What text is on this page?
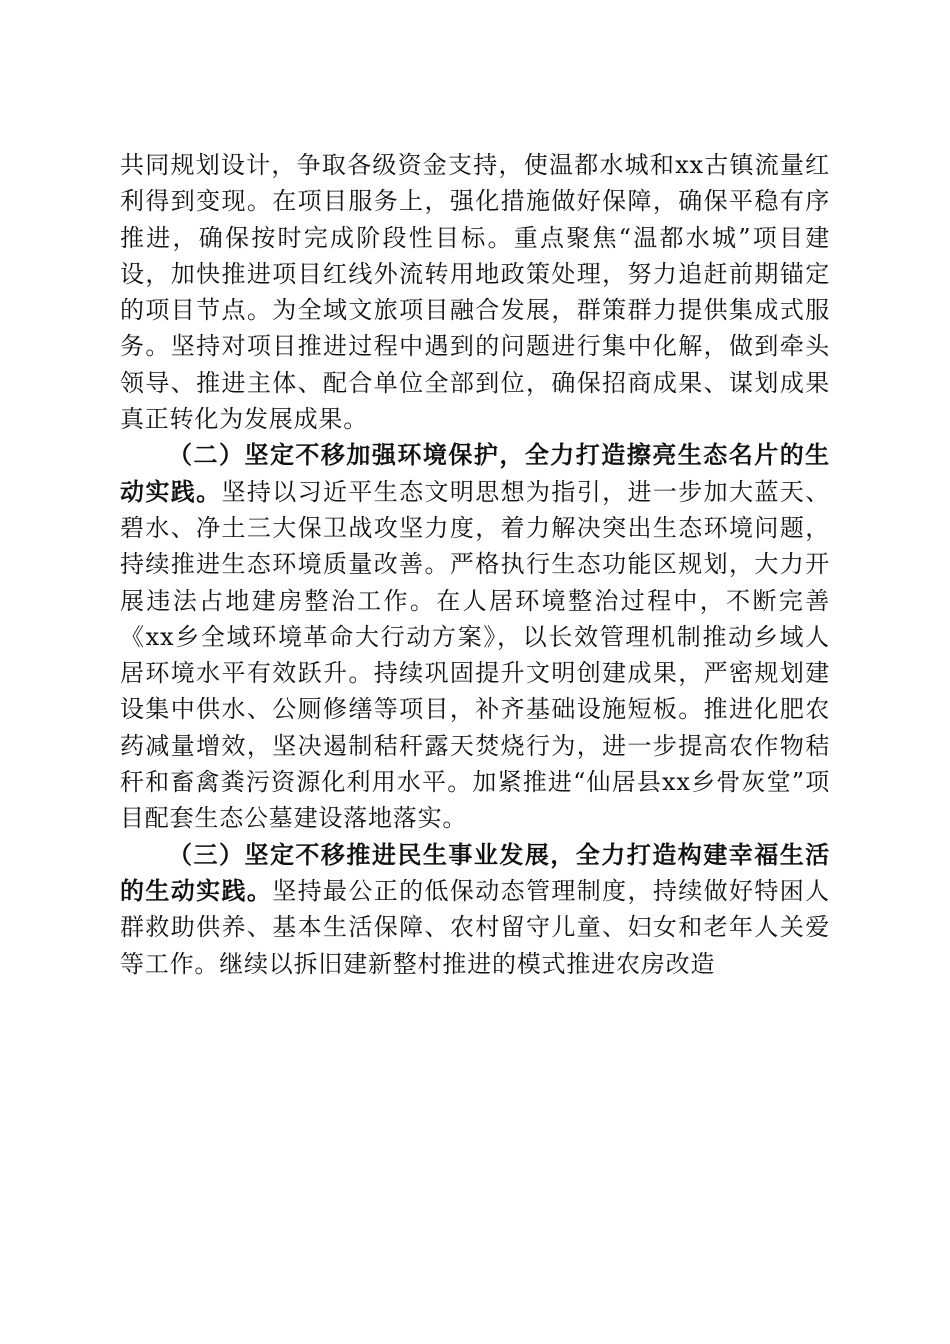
共同规划设计，争取各级资金支持，使温都水城和xx古镇流量红利得到变现。在项目服务上，强化措施做好保障，确保平稳有序推进，确保按时完成阶段性目标。重点聚焦“温都水城”项目建设，加快推进项目红线外流转用地政策处理，努力追赶前期锚定的项目节点。为全域文旅项目融合发展，群策群力提供集成式服务。坚持对项目推进过程中遇到的问题进行集中化解，做到牵头领导、推进主体、配合单位全部到位，确保招商成果、谋划成果真正转化为发展成果。

（二）坚定不移加强环境保护，全力打造擦亮生态名片的生动实践。坚持以习近平生态文明思想为指引，进一步加大蓝天、碧水、净土三大保卫战攻坚力度，着力解决突出生态环境问题，持续推进生态环境质量改善。严格执行生态功能区规划，大力开展违法占地建房整治工作。在人居环境整治过程中，不断完善《xx乡全域环境革命大行动方案》，以长效管理机制推动乡域人居环境水平有效跃升。持续巩固提升文明创建成果，严密规划建设集中供水、公厕修缮等项目，补齐基础设施短板。推进化肥农药减量增效，坚决遏制秸秆露天焚烧行为，进一步提高农作物秸秆和畜禽粪污资源化利用水平。加紧推进“仙居县xx乡骨灰堂”项目配套生态公墓建设落地落实。

（三）坚定不移推进民生事业发展，全力打造构建幸福生活的生动实践。坚持最公正的低保动态管理制度，持续做好特困人群救助供养、基本生活保障、农村留守儿童、妇女和老年人关爱等工作。继续以拆旧建新整村推进的模式推进农房改造
